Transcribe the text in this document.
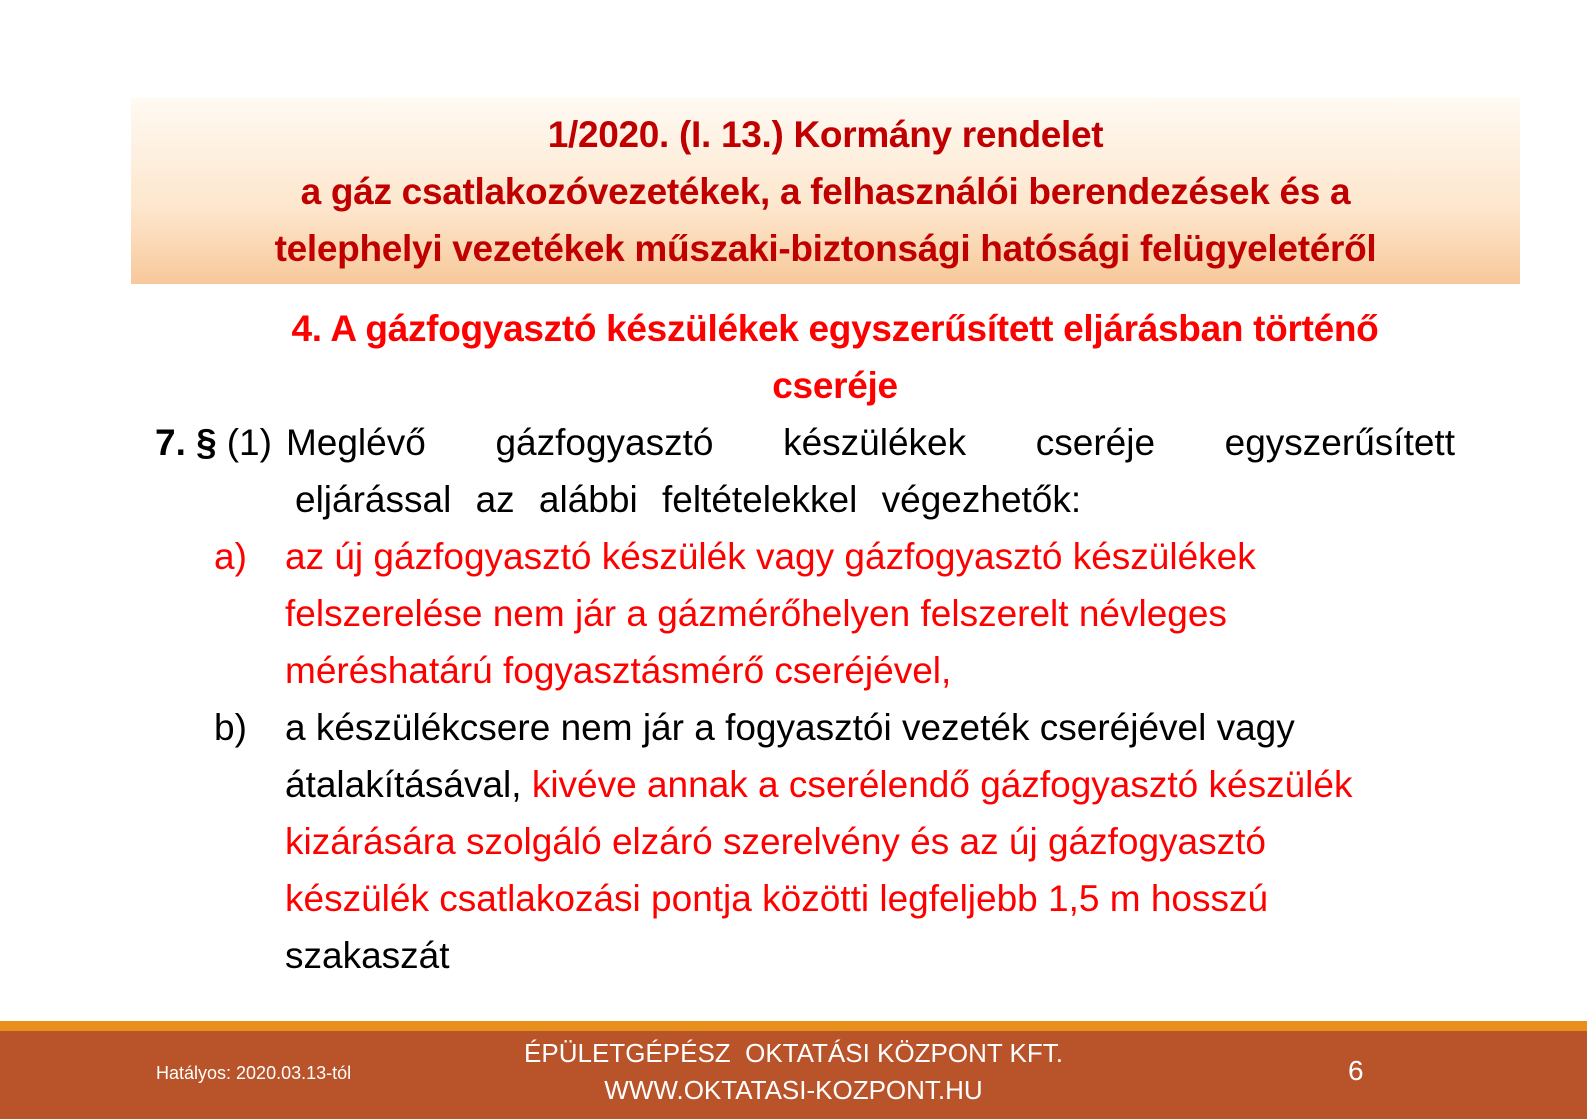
1/2020. (I. 13.) Kormány rendelet
a gáz csatlakozóvezetékek, a felhasználói berendezések és a
telephelyi vezetékek műszaki-biztonsági hatósági felügyeletéről
4. A gázfogyasztó készülékek egyszerűsített eljárásban történő
cseréje
7. § (1) Meglévő gázfogyasztó készülékek cseréje egyszerűsített
eljárással az alábbi feltételekkel végezhetők:
a)	az új gázfogyasztó készülék vagy gázfogyasztó készülékek
felszerelése nem jár a gázmérőhelyen felszerelt névleges
méréshatárú fogyasztásmérő cseréjével,
b)	a készülékcsere nem jár a fogyasztói vezeték cseréjével vagy
átalakításával, kivéve annak a cserélendő gázfogyasztó készülék
kizárására szolgáló elzáró szerelvény és az új gázfogyasztó
készülék csatlakozási pontja közötti legfeljebb 1,5 m hosszú
szakaszát
Hatályos: 2020.03.13-tól
ÉPÜLETGÉPÉSZ  OKTATÁSI KÖZPONT KFT.
WWW.OKTATASI-KOZPONT.HU
6
